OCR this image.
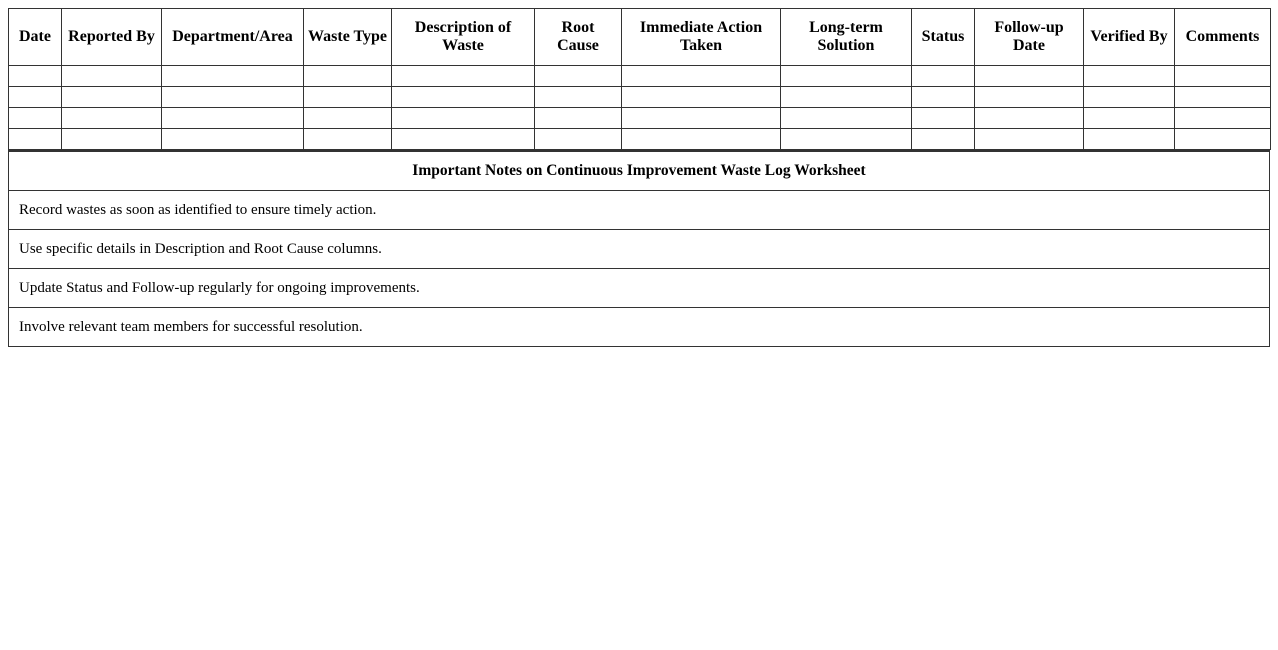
Date	Reported By	Department/Area	Waste Type	Description of Waste	Root Cause	Immediate Action Taken	Long-term Solution	Status	Follow-up Date	Verified By	Comments

Important Notes on Continuous Improvement Waste Log Worksheet
Record wastes as soon as identified to ensure timely action.
Use specific details in Description and Root Cause columns.
Update Status and Follow-up regularly for ongoing improvements.
Involve relevant team members for successful resolution.
